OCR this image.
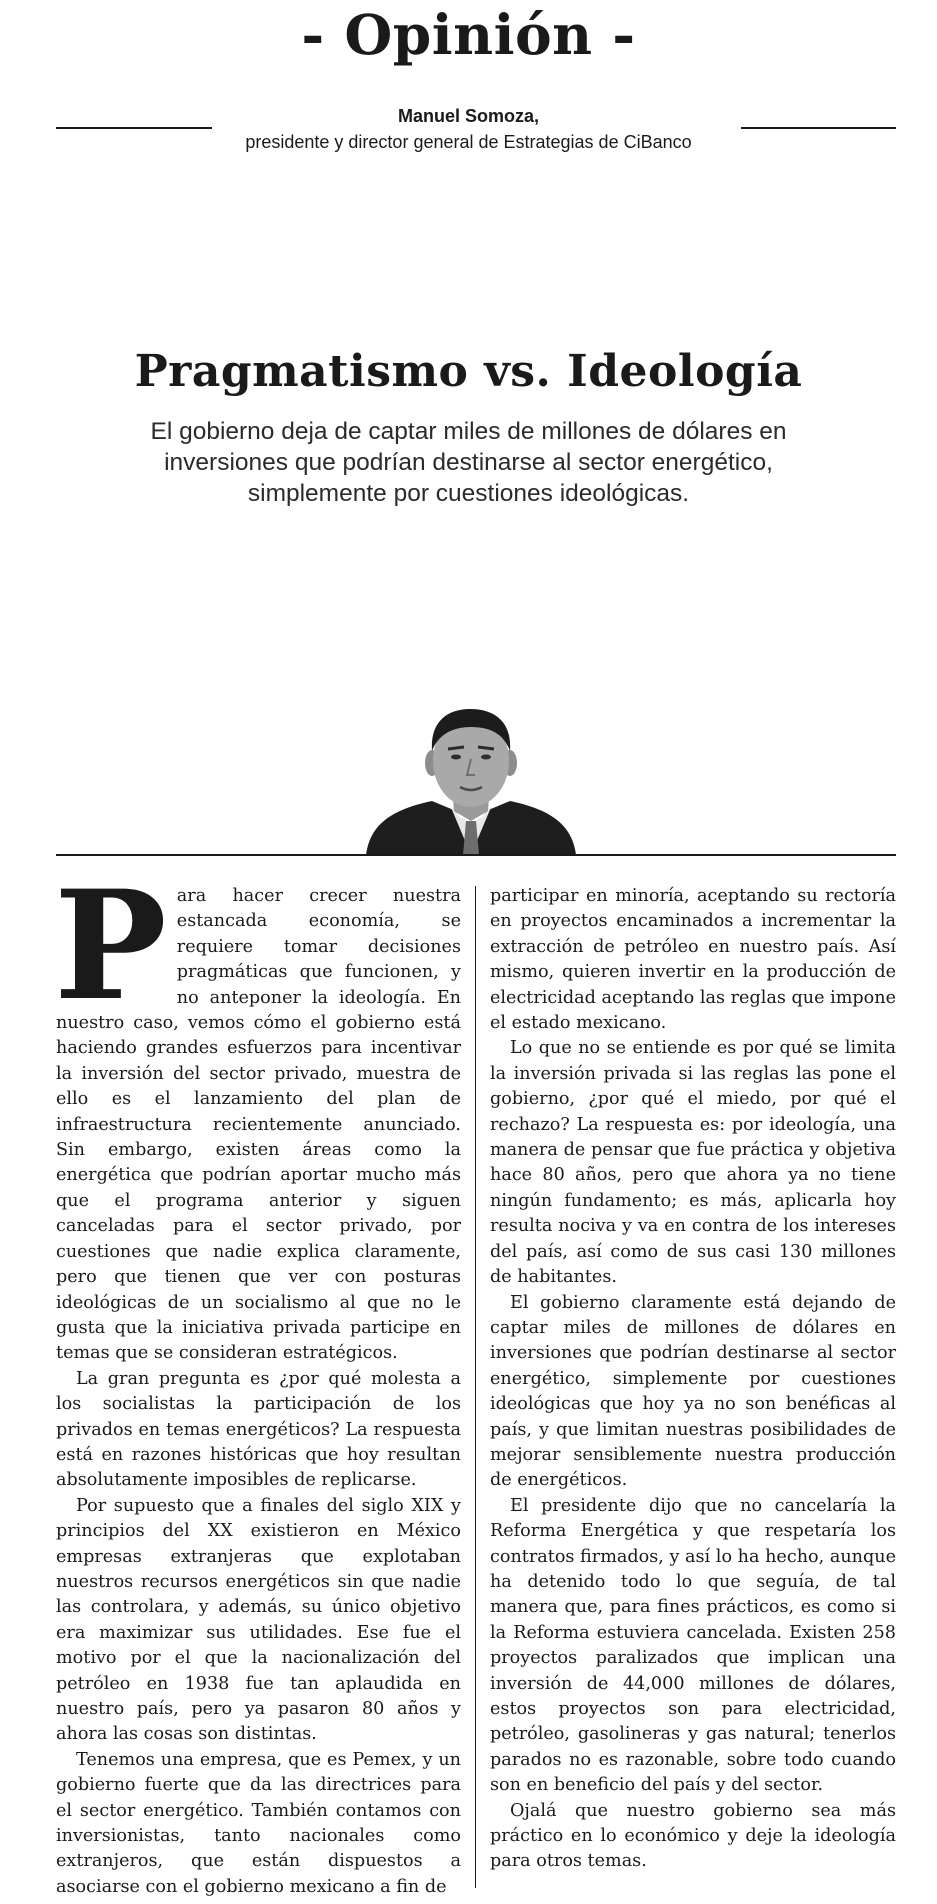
- Opinión -
Manuel Somoza,
presidente y director general de Estrategias de CiBanco
Pragmatismo vs. Ideología
El gobierno deja de captar miles de millones de dólares en inversiones que podrían destinarse al sector energético, simplemente por cuestiones ideológicas.

Para hacer crecer nuestra estancada economía, se requiere tomar decisiones pragmáticas que funcionen, y no anteponer la ideología. En nuestro caso, vemos cómo el gobierno está haciendo grandes esfuerzos para incentivar la inversión del sector privado, muestra de ello es el lanzamiento del plan de infraestructura recientemente anunciado. Sin embargo, existen áreas como la energética que podrían aportar mucho más que el programa anterior y siguen canceladas para el sector privado, por cuestiones que nadie explica claramente, pero que tienen que ver con posturas ideológicas de un socialismo al que no le gusta que la iniciativa privada participe en temas que se consideran estratégicos.

La gran pregunta es ¿por qué molesta a los socialistas la participación de los privados en temas energéticos? La respuesta está en razones históricas que hoy resultan absolutamente imposibles de replicarse.

Por supuesto que a finales del siglo XIX y principios del XX existieron en México empresas extranjeras que explotaban nuestros recursos energéticos sin que nadie las controlara, y además, su único objetivo era maximizar sus utilidades. Ese fue el motivo por el que la nacionalización del petróleo en 1938 fue tan aplaudida en nuestro país, pero ya pasaron 80 años y ahora las cosas son distintas.

Tenemos una empresa, que es Pemex, y un gobierno fuerte que da las directrices para el sector energético. También contamos con inversionistas, tanto nacionales como extranjeros, que están dispuestos a asociarse con el gobierno mexicano a fin de

participar en minoría, aceptando su rectoría en proyectos encaminados a incrementar la extracción de petróleo en nuestro país. Así mismo, quieren invertir en la producción de electricidad aceptando las reglas que impone el estado mexicano.

Lo que no se entiende es por qué se limita la inversión privada si las reglas las pone el gobierno, ¿por qué el miedo, por qué el rechazo? La respuesta es: por ideología, una manera de pensar que fue práctica y objetiva hace 80 años, pero que ahora ya no tiene ningún fundamento; es más, aplicarla hoy resulta nociva y va en contra de los intereses del país, así como de sus casi 130 millones de habitantes.

El gobierno claramente está dejando de captar miles de millones de dólares en inversiones que podrían destinarse al sector energético, simplemente por cuestiones ideológicas que hoy ya no son benéficas al país, y que limitan nuestras posibilidades de mejorar sensiblemente nuestra producción de energéticos.

El presidente dijo que no cancelaría la Reforma Energética y que respetaría los contratos firmados, y así lo ha hecho, aunque ha detenido todo lo que seguía, de tal manera que, para fines prácticos, es como si la Reforma estuviera cancelada. Existen 258 proyectos paralizados que implican una inversión de 44,000 millones de dólares, estos proyectos son para electricidad, petróleo, gasolineras y gas natural; tenerlos parados no es razonable, sobre todo cuando son en beneficio del país y del sector.

Ojalá que nuestro gobierno sea más práctico en lo económico y deje la ideología para otros temas.
